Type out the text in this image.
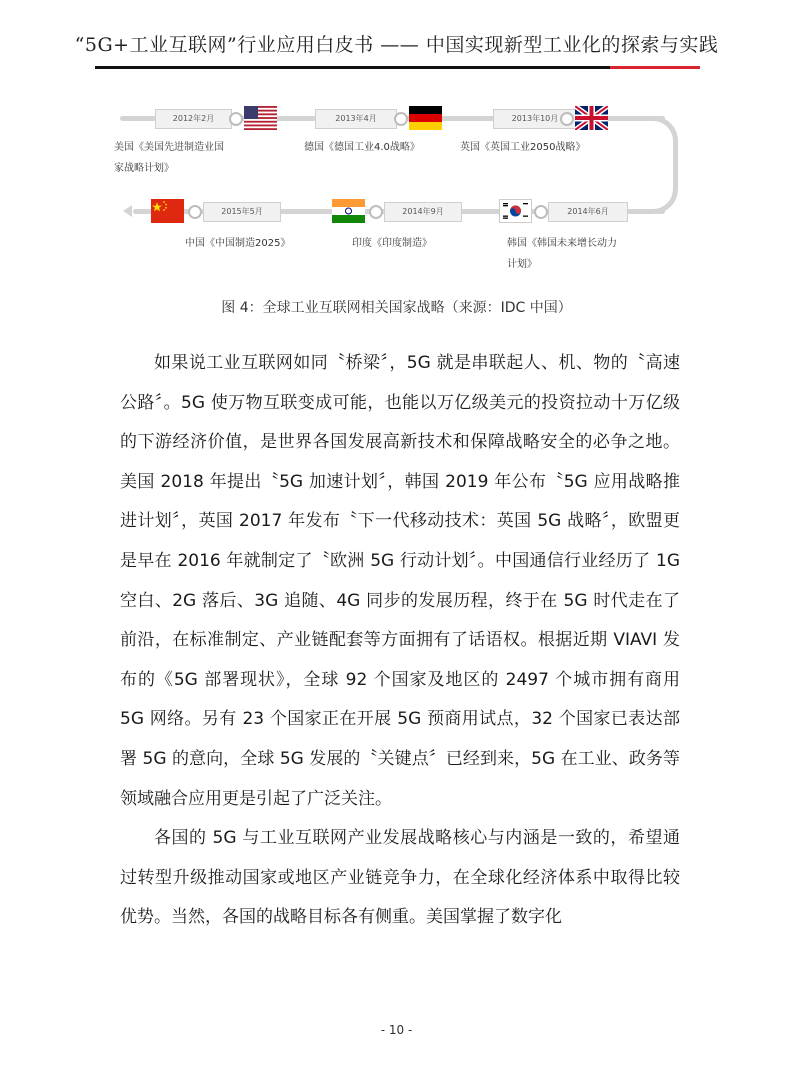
“5G+工业互联网”行业应用白皮书 —— 中国实现新型工业化的探索与实践
2012年2月
美国《美国先进制造业国
家战略计划》
2013年4月
德国《德国工业4.0战略》
2013年10月
英国《英国工业2050战略》
2014年6月
韩国《韩国未来增长动力
计划》
2014年9月
印度《印度制造》
2015年5月
中国《中国制造2025》
图 4：全球工业互联网相关国家战略（来源：IDC 中国）

如果说工业互联网如同〝桥梁〞，5G 就是串联起人、机、物的〝高速公路〞。5G 使万物互联变成可能，也能以万亿级美元的投资拉动十万亿级的下游经济价值，是世界各国发展高新技术和保障战略安全的必争之地。美国 2018 年提出〝5G 加速计划〞，韩国 2019 年公布〝5G 应用战略推进计划〞，英国 2017 年发布〝下一代移动技术：英国 5G 战略〞，欧盟更是早在 2016 年就制定了〝欧洲 5G 行动计划〞。中国通信行业经历了 1G 空白、2G 落后、3G 追随、4G 同步的发展历程，终于在 5G 时代走在了前沿，在标准制定、产业链配套等方面拥有了话语权。根据近期 VIAVI 发布的《5G 部署现状》，全球 92 个国家及地区的 2497 个城市拥有商用 5G 网络。另有 23 个国家正在开展 5G 预商用试点，32 个国家已表达部署 5G 的意向，全球 5G 发展的〝关键点〞已经到来，5G 在工业、政务等领域融合应用更是引起了广泛关注。

各国的 5G 与工业互联网产业发展战略核心与内涵是一致的，希望通过转型升级推动国家或地区产业链竞争力，在全球化经济体系中取得比较优势。当然，各国的战略目标各有侧重。美国掌握了数字化

- 10 -
